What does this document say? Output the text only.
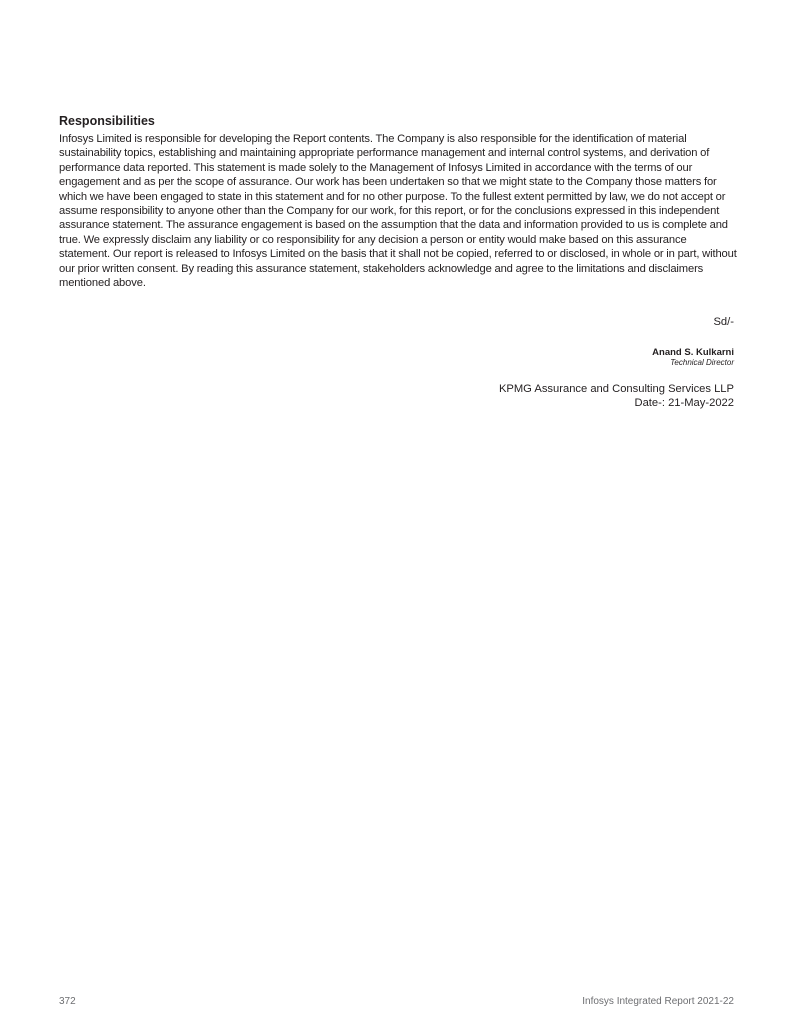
Responsibilities

Infosys Limited is responsible for developing the Report contents. The Company is also responsible for the identification of material sustainability topics, establishing and maintaining appropriate performance management and internal control systems, and derivation of performance data reported. This statement is made solely to the Management of Infosys Limited in accordance with the terms of our engagement and as per the scope of assurance. Our work has been undertaken so that we might state to the Company those matters for which we have been engaged to state in this statement and for no other purpose. To the fullest extent permitted by law, we do not accept or assume responsibility to anyone other than the Company for our work, for this report, or for the conclusions expressed in this independent assurance statement. The assurance engagement is based on the assumption that the data and information provided to us is complete and true. We expressly disclaim any liability or co responsibility for any decision a person or entity would make based on this assurance statement. Our report is released to Infosys Limited on the basis that it shall not be copied, referred to or disclosed, in whole or in part, without our prior written consent. By reading this assurance statement, stakeholders acknowledge and agree to the limitations and disclaimers mentioned above.

Sd/-
Anand S. Kulkarni
Technical Director
KPMG Assurance and Consulting Services LLP
Date-: 21-May-2022
372	Infosys Integrated Report 2021-22
